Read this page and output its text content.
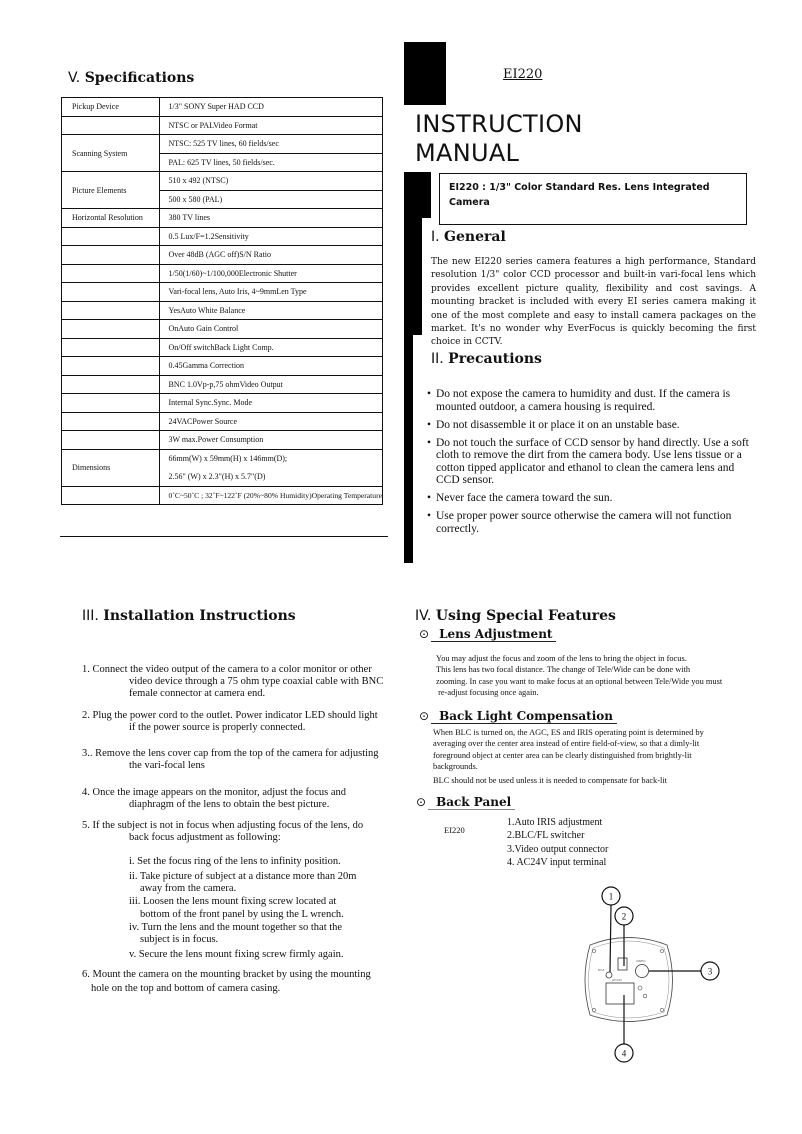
V. Specifications
Pickup Device	1/3" SONY Super HAD CCD
	NTSC or PALVideo Format
Scanning System	NTSC: 525 TV lines, 60 fields/sec
	PAL: 625 TV lines, 50 fields/sec.
Picture Elements	510 x 492 (NTSC)
	500 x 580 (PAL)
Horizontal Resolution	380 TV lines
	0.5 Lux/F=1.2Sensitivity
	Over 48dB (AGC off)S/N Ratio
	1/50(1/60)~1/100,000Electronic Shutter
	Vari-focal lens, Auto Iris, 4~9mmLen Type
	YesAuto White Balance
	OnAuto Gain Control
	On/Off switchBack Light Comp.
	0.45Gamma Correction
	BNC 1.0Vp-p,75 ohmVideo Output
	Internal Sync.Sync. Mode
	24VACPower Source
	3W max.Power Consumption
Dimensions	66mm(W) x 59mm(H) x 146mm(D);
2.56" (W) x 2.3"(H) x 5.7"(D)

	0˚C~50˚C ; 32˚F~122˚F (20%~80% Humidity)Operating Temperature
EI220
INSTRUCTION
MANUAL
EI220 : 1/3" Color Standard Res. Lens Integrated
Camera
I. General
The new EI220 series camera features a high performance, Standard resolution 1/3" color CCD processor and built-in vari-focal lens which provides excellent picture quality, flexibility and cost savings. A mounting bracket is included with every EI series camera making it one of the most complete and easy to install camera packages on the market. It's no wonder why EverFocus is quickly becoming the first choice in CCTV.
II. Precautions
• Do not expose the camera to humidity and dust. If the camera is mounted outdoor, a camera housing is required.
• Do not disassemble it or place it on an unstable base.
• Do not touch the surface of CCD sensor by hand directly. Use a soft cloth to remove the dirt from the camera body. Use lens tissue or a cotton tipped applicator and ethanol to clean the camera lens and CCD sensor.
• Never face the camera toward the sun.
• Use proper power source otherwise the camera will not function correctly.
III. Installation Instructions
1. Connect the video output of the camera to a color monitor or other
video device through a 75 ohm type coaxial cable with BNC
female connector at camera end.
2. Plug the power cord to the outlet. Power indicator LED should light
if the power source is properly connected.
3.. Remove the lens cover cap from the top of the camera for adjusting
the vari-focal lens
4. Once the image appears on the monitor, adjust the focus and
diaphragm of the lens to obtain the best picture.
5. If the subject is not in focus when adjusting focus of the lens, do
back focus adjustment as following:
i. Set the focus ring of the lens to infinity position.
ii. Take picture of subject at a distance more than 20m
away from the camera.
iii. Loosen the lens mount fixing screw located at
bottom of the front panel by using the L wrench.
iv. Turn the lens and the mount together so that the
subject is in focus.
v. Secure the lens mount fixing screw firmly again.
6. Mount the camera on the mounting bracket by using the mounting
hole on the top and bottom of camera casing.
IV. Using Special Features
⊙ Lens Adjustment
You may adjust the focus and zoom of the lens to bring the object in focus.
This lens has two focal distance. The change of Tele/Wide can be done with
zooming. In case you want to make focus at an optional between Tele/Wide you must
re-adjust focusing once again.
⊙ Back Light Compensation
When BLC is turned on, the AGC, ES and IRIS operating point is determined by
averaging over the center area instead of entire field-of-view, so that a dimly-lit
foreground object at center area can be clearly distinguished from brightly-lit
backgrounds.
BLC should not be used unless it is needed to compensate for back-lit
⊙ Back Panel
EI220
1.Auto IRIS adjustment
2.BLC/FL switcher
3.Video output connector
4. AC24V input terminal
DC/L
VIDEO
AC24V
1
2
3
4
